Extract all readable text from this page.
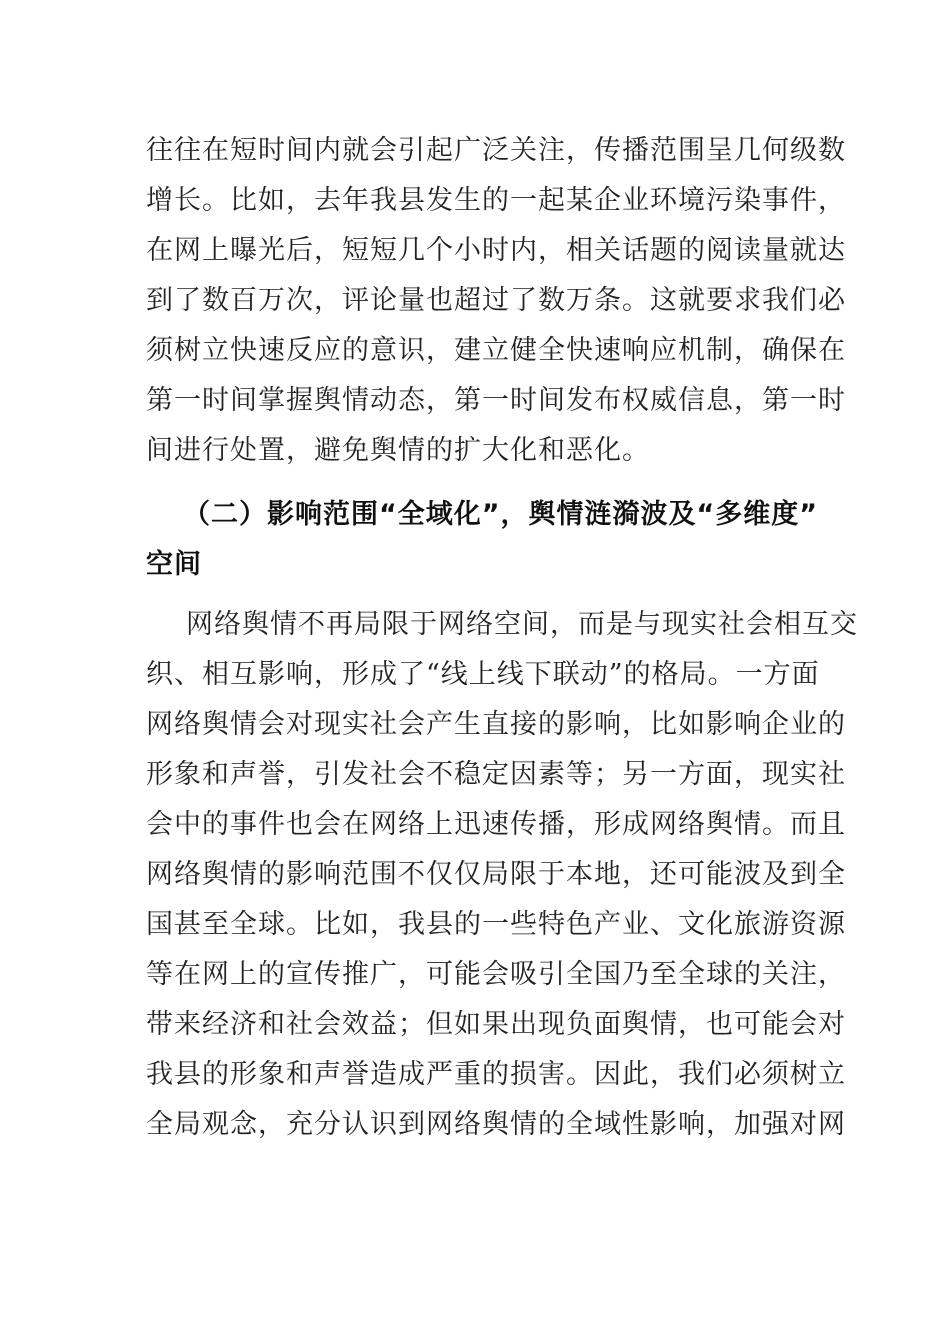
往往在短时间内就会引起广泛关注，传播范围呈几何级数
增长。比如，去年我县发生的一起某企业环境污染事件，
在网上曝光后，短短几个小时内，相关话题的阅读量就达
到了数百万次，评论量也超过了数万条。这就要求我们必
须树立快速反应的意识，建立健全快速响应机制，确保在
第一时间掌握舆情动态，第一时间发布权威信息，第一时
间进行处置，避免舆情的扩大化和恶化。
（二）影响范围“全域化”，舆情涟漪波及“多维度”
空间
网络舆情不再局限于网络空间，而是与现实社会相互交
织、相互影响，形成了“线上线下联动”的格局。一方面
网络舆情会对现实社会产生直接的影响，比如影响企业的
形象和声誉，引发社会不稳定因素等；另一方面，现实社
会中的事件也会在网络上迅速传播，形成网络舆情。而且
网络舆情的影响范围不仅仅局限于本地，还可能波及到全
国甚至全球。比如，我县的一些特色产业、文化旅游资源
等在网上的宣传推广，可能会吸引全国乃至全球的关注，
带来经济和社会效益；但如果出现负面舆情，也可能会对
我县的形象和声誉造成严重的损害。因此，我们必须树立
全局观念，充分认识到网络舆情的全域性影响，加强对网
